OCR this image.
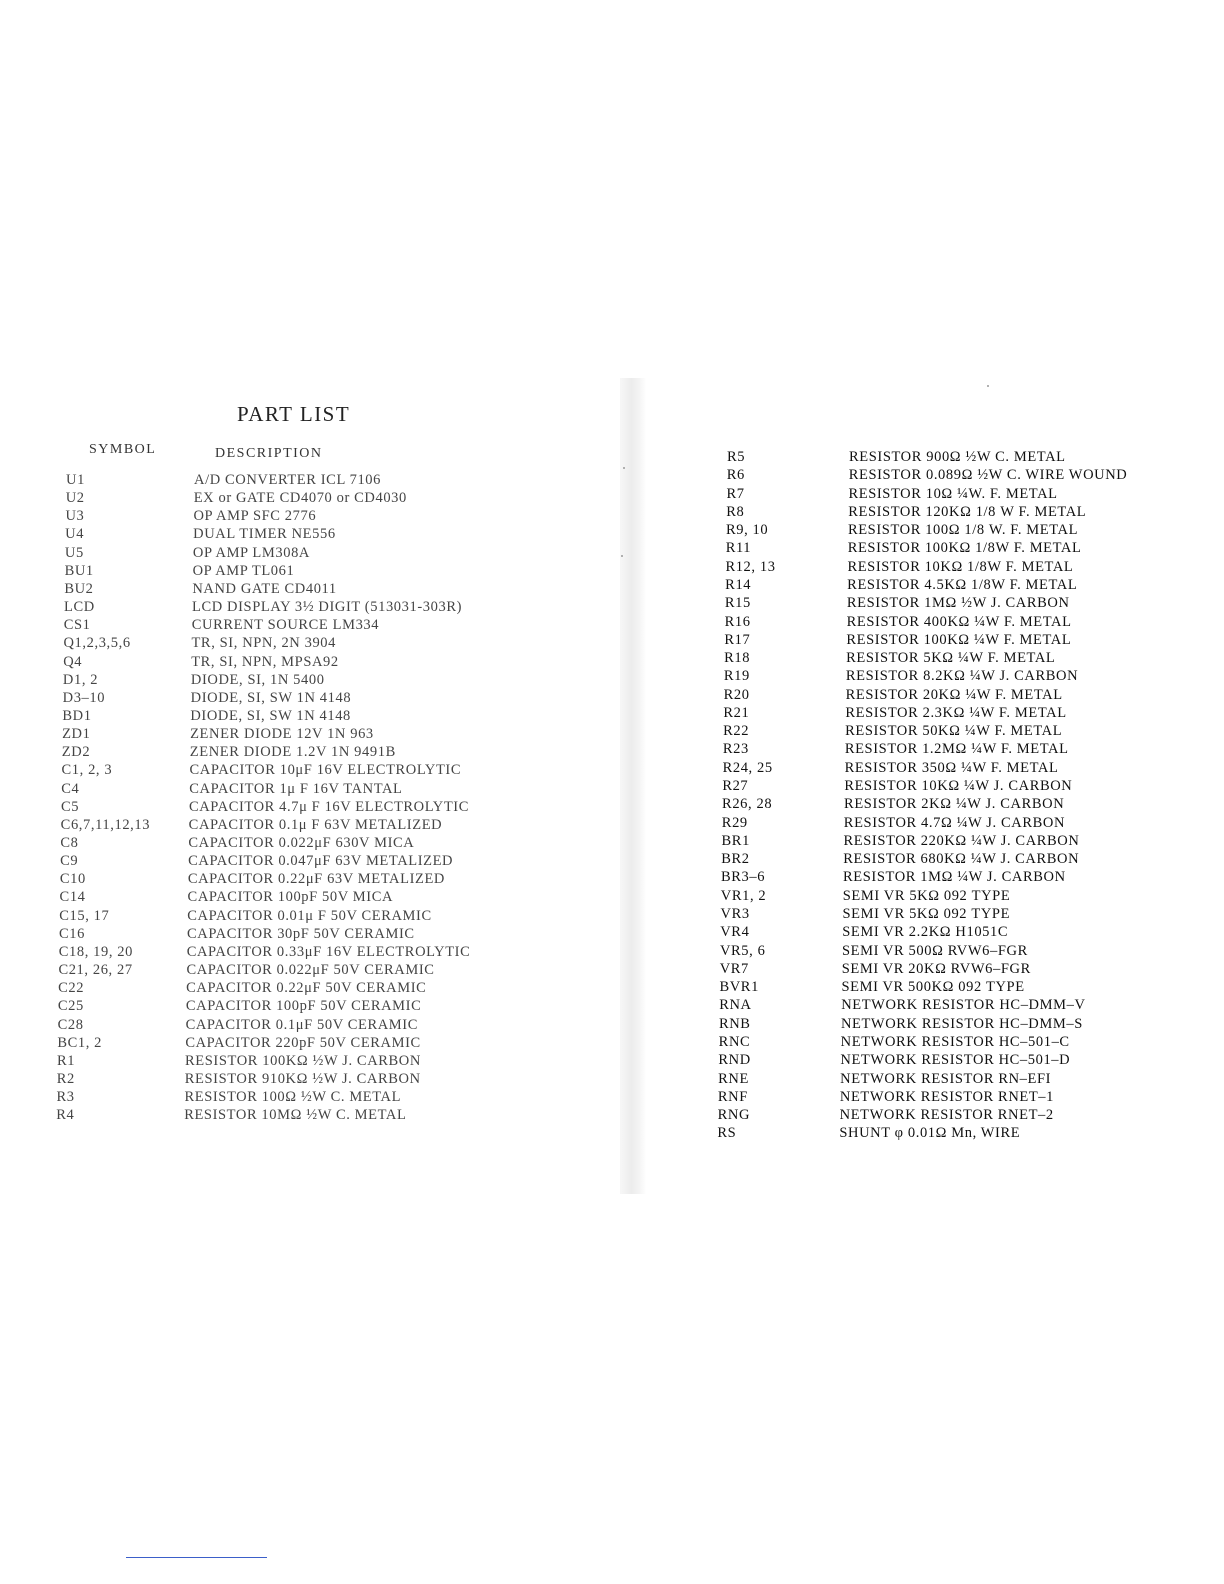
PART LIST
SYMBOL	DESCRIPTION
U1	A/D CONVERTER ICL 7106
U2	EX or GATE CD4070 or CD4030
U3	OP AMP SFC 2776
U4	DUAL TIMER NE556
U5	OP AMP LM308A
BU1	OP AMP TL061
BU2	NAND GATE CD4011
LCD	LCD DISPLAY 3½ DIGIT (513031-303R)
CS1	CURRENT SOURCE LM334
Q1,2,3,5,6	TR, SI, NPN, 2N 3904
Q4	TR, SI, NPN, MPSA92
D1, 2	DIODE, SI, 1N 5400
D3–10	DIODE, SI, SW 1N 4148
BD1	DIODE, SI, SW 1N 4148
ZD1	ZENER DIODE 12V 1N 963
ZD2	ZENER DIODE 1.2V 1N 9491B
C1, 2, 3	CAPACITOR 10μF 16V ELECTROLYTIC
C4	CAPACITOR 1μ F 16V TANTAL
C5	CAPACITOR 4.7μ F 16V ELECTROLYTIC
C6,7,11,12,13	CAPACITOR 0.1μ F 63V METALIZED
C8	CAPACITOR 0.022μF 630V MICA
C9	CAPACITOR 0.047μF 63V METALIZED
C10	CAPACITOR 0.22μF 63V METALIZED
C14	CAPACITOR 100pF 50V MICA
C15, 17	CAPACITOR 0.01μ F 50V CERAMIC
C16	CAPACITOR 30pF 50V CERAMIC
C18, 19, 20	CAPACITOR 0.33μF 16V ELECTROLYTIC
C21, 26, 27	CAPACITOR 0.022μF 50V CERAMIC
C22	CAPACITOR 0.22μF 50V CERAMIC
C25	CAPACITOR 100pF 50V CERAMIC
C28	CAPACITOR 0.1μF 50V CERAMIC
BC1, 2	CAPACITOR 220pF 50V CERAMIC
R1	RESISTOR 100KΩ ½W J. CARBON
R2	RESISTOR 910KΩ ½W J. CARBON
R3	RESISTOR 100Ω ½W C. METAL
R4	RESISTOR 10MΩ ½W C. METAL
R5	RESISTOR 900Ω ½W C. METAL
R6	RESISTOR 0.089Ω ½W C. WIRE WOUND
R7	RESISTOR 10Ω ¼W. F. METAL
R8	RESISTOR 120KΩ 1/8 W F. METAL
R9, 10	RESISTOR 100Ω 1/8 W. F. METAL
R11	RESISTOR 100KΩ 1/8W F. METAL
R12, 13	RESISTOR 10KΩ 1/8W F. METAL
R14	RESISTOR 4.5KΩ 1/8W F. METAL
R15	RESISTOR 1MΩ ½W J. CARBON
R16	RESISTOR 400KΩ ¼W F. METAL
R17	RESISTOR 100KΩ ¼W F. METAL
R18	RESISTOR 5KΩ ¼W F. METAL
R19	RESISTOR 8.2KΩ ¼W J. CARBON
R20	RESISTOR 20KΩ ¼W F. METAL
R21	RESISTOR 2.3KΩ ¼W F. METAL
R22	RESISTOR 50KΩ ¼W F. METAL
R23	RESISTOR 1.2MΩ ¼W F. METAL
R24, 25	RESISTOR 350Ω ¼W F. METAL
R27	RESISTOR 10KΩ ¼W J. CARBON
R26, 28	RESISTOR 2KΩ ¼W J. CARBON
R29	RESISTOR 4.7Ω ¼W J. CARBON
BR1	RESISTOR 220KΩ ¼W J. CARBON
BR2	RESISTOR 680KΩ ¼W J. CARBON
BR3–6	RESISTOR 1MΩ ¼W J. CARBON
VR1, 2	SEMI VR 5KΩ 092 TYPE
VR3	SEMI VR 5KΩ 092 TYPE
VR4	SEMI VR 2.2KΩ H1051C
VR5, 6	SEMI VR 500Ω RVW6–FGR
VR7	SEMI VR 20KΩ RVW6–FGR
BVR1	SEMI VR 500KΩ 092 TYPE
RNA	NETWORK RESISTOR HC–DMM–V
RNB	NETWORK RESISTOR HC–DMM–S
RNC	NETWORK RESISTOR HC–501–C
RND	NETWORK RESISTOR HC–501–D
RNE	NETWORK RESISTOR RN–EFI
RNF	NETWORK RESISTOR RNET–1
RNG	NETWORK RESISTOR RNET–2
RS	SHUNT φ 0.01Ω Mn, WIRE
